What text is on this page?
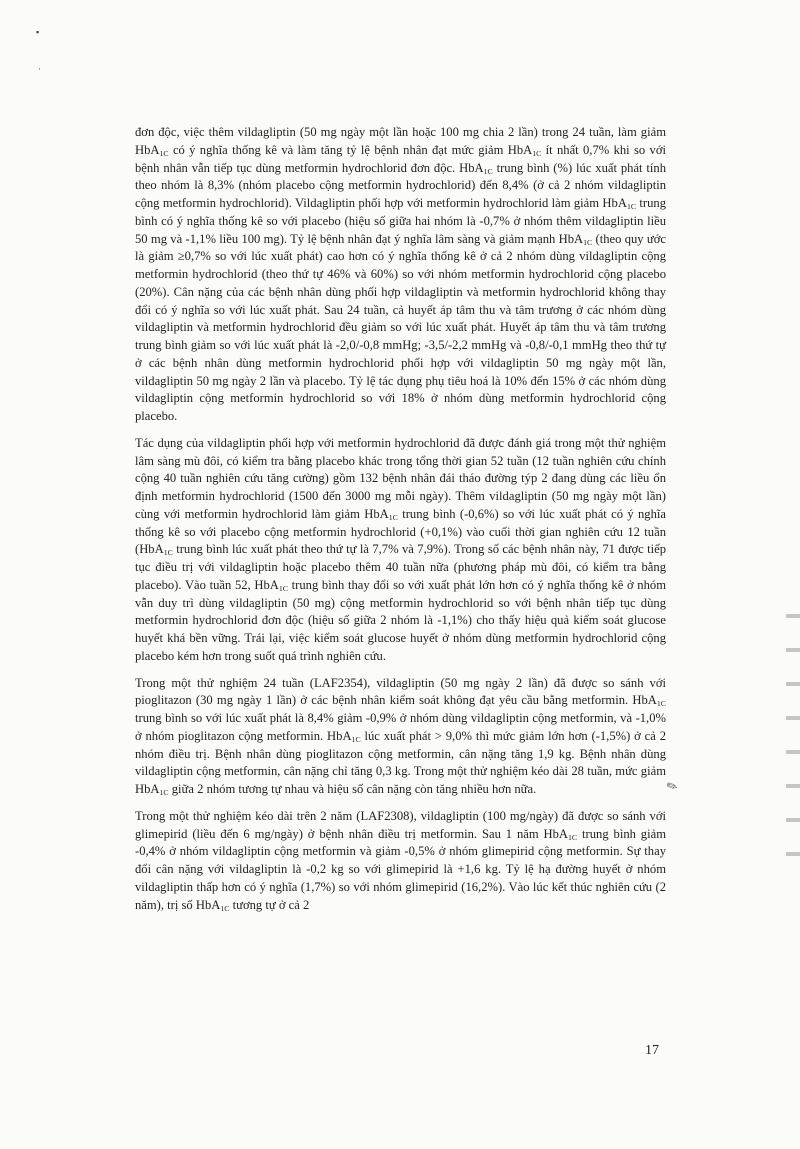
▪
·

đơn độc, việc thêm vildagliptin (50 mg ngày một lần hoặc 100 mg chia 2 lần) trong 24 tuần, làm giảm HbA$_{1C}$ có ý nghĩa thống kê và làm tăng tỷ lệ bệnh nhân đạt mức giảm HbA$_{1C}$ ít nhất 0,7% khi so với bệnh nhân vẫn tiếp tục dùng metformin hydrochlorid đơn độc. HbA$_{1C}$ trung bình (%) lúc xuất phát tính theo nhóm là 8,3% (nhóm placebo cộng metformin hydrochlorid) đến 8,4% (ở cả 2 nhóm vildagliptin cộng metformin hydrochlorid). Vildagliptin phối hợp với metformin hydrochlorid làm giảm HbA$_{1C}$ trung bình có ý nghĩa thống kê so với placebo (hiệu số giữa hai nhóm là -0,7% ở nhóm thêm vildagliptin liều 50 mg và -1,1% liều 100 mg). Tỷ lệ bệnh nhân đạt ý nghĩa lâm sàng và giảm mạnh HbA$_{1C}$ (theo quy ước là giảm ≥0,7% so với lúc xuất phát) cao hơn có ý nghĩa thống kê ở cả 2 nhóm dùng vildagliptin cộng metformin hydrochlorid (theo thứ tự 46% và 60%) so với nhóm metformin hydrochlorid cộng placebo (20%). Cân nặng của các bệnh nhân dùng phối hợp vildagliptin và metformin hydrochlorid không thay đổi có ý nghĩa so với lúc xuất phát. Sau 24 tuần, cả huyết áp tâm thu và tâm trương ở các nhóm dùng vildagliptin và metformin hydrochlorid đều giảm so với lúc xuất phát. Huyết áp tâm thu và tâm trương trung bình giảm so với lúc xuất phát là -2,0/-0,8 mmHg; -3,5/-2,2 mmHg và -0,8/-0,1 mmHg theo thứ tự ở các bệnh nhân dùng metformin hydrochlorid phối hợp với vildagliptin 50 mg ngày một lần, vildagliptin 50 mg ngày 2 lần và placebo. Tỷ lệ tác dụng phụ tiêu hoá là 10% đến 15% ở các nhóm dùng vildagliptin cộng metformin hydrochlorid so với 18% ở nhóm dùng metformin hydrochlorid cộng placebo.

Tác dụng của vildagliptin phối hợp với metformin hydrochlorid đã được đánh giá trong một thử nghiệm lâm sàng mù đôi, có kiểm tra bằng placebo khác trong tổng thời gian 52 tuần (12 tuần nghiên cứu chính cộng 40 tuần nghiên cứu tăng cường) gồm 132 bệnh nhân đái tháo đường týp 2 đang dùng các liều ổn định metformin hydrochlorid (1500 đến 3000 mg mỗi ngày). Thêm vildagliptin (50 mg ngày một lần) cùng với metformin hydrochlorid làm giảm HbA$_{1C}$ trung bình (-0,6%) so với lúc xuất phát có ý nghĩa thống kê so với placebo cộng metformin hydrochlorid (+0,1%) vào cuối thời gian nghiên cứu 12 tuần (HbA$_{1C}$ trung bình lúc xuất phát theo thứ tự là 7,7% và 7,9%). Trong số các bệnh nhân này, 71 được tiếp tục điều trị với vildagliptin hoặc placebo thêm 40 tuần nữa (phương pháp mù đôi, có kiểm tra bằng placebo). Vào tuần 52, HbA$_{1C}$ trung bình thay đổi so với xuất phát lớn hơn có ý nghĩa thống kê ở nhóm vẫn duy trì dùng vildagliptin (50 mg) cộng metformin hydrochlorid so với bệnh nhân tiếp tục dùng metformin hydrochlorid đơn độc (hiệu số giữa 2 nhóm là -1,1%) cho thấy hiệu quả kiểm soát glucose huyết khá bền vững. Trái lại, việc kiểm soát glucose huyết ở nhóm dùng metformin hydrochlorid cộng placebo kém hơn trong suốt quá trình nghiên cứu.

Trong một thử nghiệm 24 tuần (LAF2354), vildagliptin (50 mg ngày 2 lần) đã được so sánh với pioglitazon (30 mg ngày 1 lần) ở các bệnh nhân kiểm soát không đạt yêu cầu bằng metformin. HbA$_{1C}$ trung bình so với lúc xuất phát là 8,4% giảm -0,9% ở nhóm dùng vildagliptin cộng metformin, và -1,0% ở nhóm pioglitazon cộng metformin. HbA$_{1C}$ lúc xuất phát > 9,0% thì mức giảm lớn hơn (-1,5%) ở cả 2 nhóm điều trị. Bệnh nhân dùng pioglitazon cộng metformin, cân nặng tăng 1,9 kg. Bệnh nhân dùng vildagliptin cộng metformin, cân nặng chỉ tăng 0,3 kg. Trong một thử nghiệm kéo dài 28 tuần, mức giảm HbA$_{1C}$ giữa 2 nhóm tương tự nhau và hiệu số cân nặng còn tăng nhiều hơn nữa.

Trong một thử nghiệm kéo dài trên 2 năm (LAF2308), vildagliptin (100 mg/ngày) đã được so sánh với glimepirid (liều đến 6 mg/ngày) ở bệnh nhân điều trị metformin. Sau 1 năm HbA$_{1C}$ trung bình giảm -0,4% ở nhóm vildagliptin cộng metformin và giảm -0,5% ở nhóm glimepirid cộng metformin. Sự thay đổi cân nặng với vildagliptin là -0,2 kg so với glimepirid là +1,6 kg. Tỷ lệ hạ đường huyết ở nhóm vildagliptin thấp hơn có ý nghĩa (1,7%) so với nhóm glimepirid (16,2%). Vào lúc kết thúc nghiên cứu (2 năm), trị số HbA$_{1C}$ tương tự ở cả 2

17
✎
